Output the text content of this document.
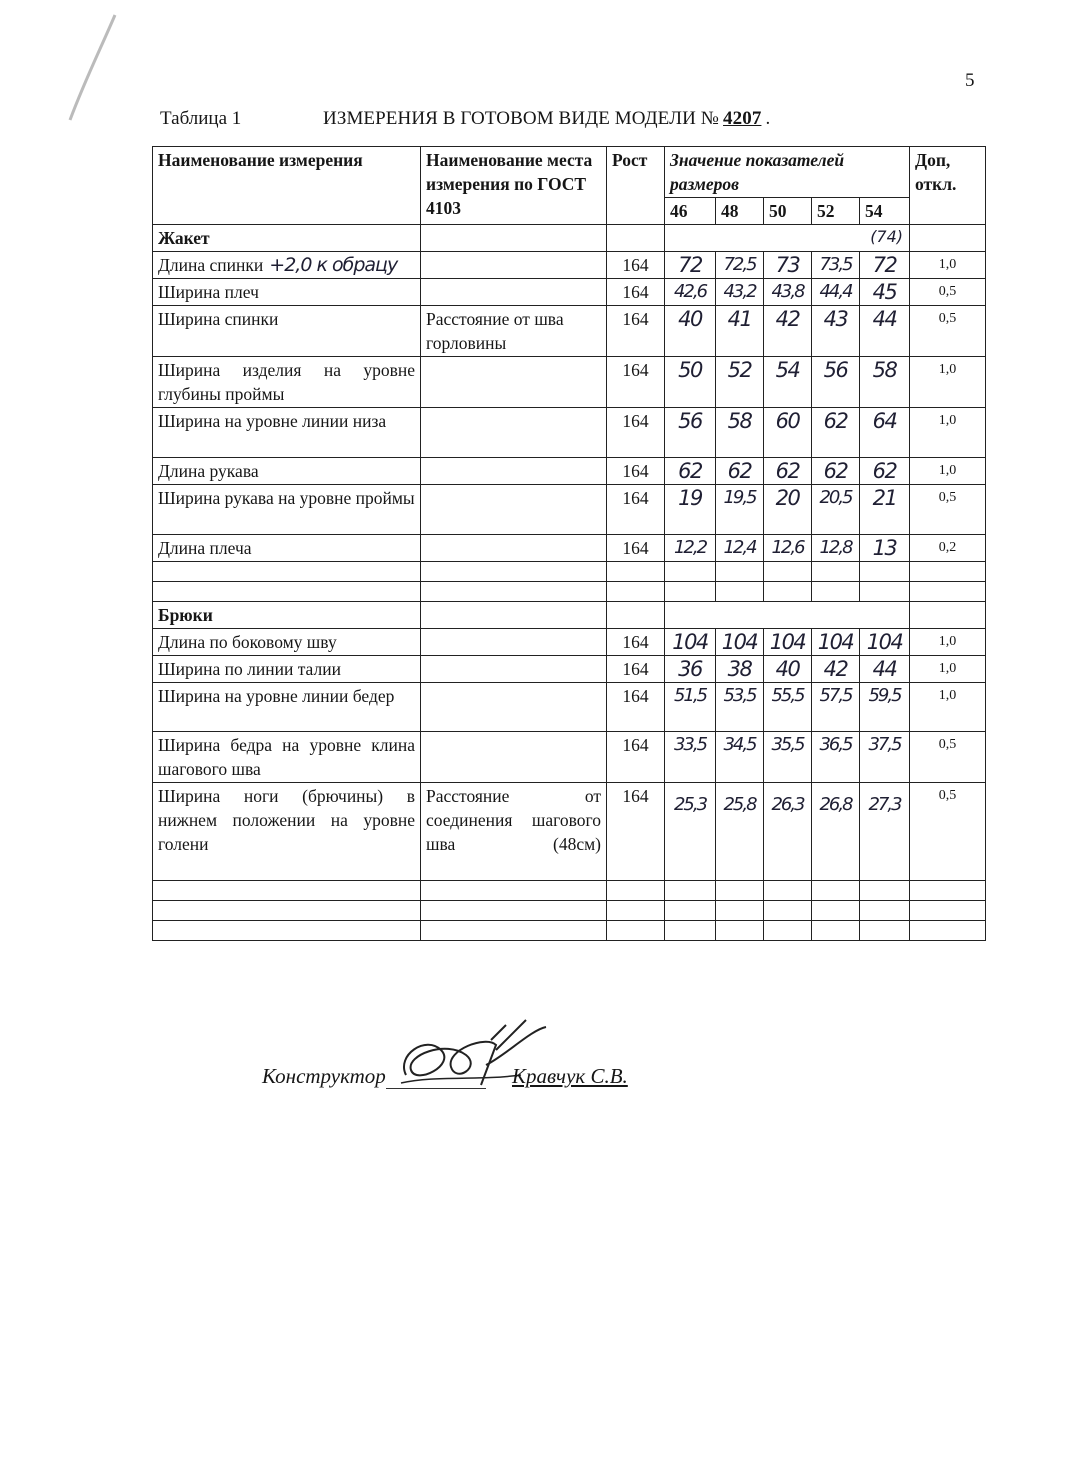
5
Таблица 1	ИЗМЕРЕНИЯ В ГОТОВОМ ВИДЕ МОДЕЛИ № 4207 .
Наименование измерения	Наименование места измерения по ГОСТ 4103	Рост	Значение показателей размеров					Доп, откл.
			46	48	50	52	54	
Жакет			(74)					
Длина спинки +2,0 к обрацу		164	72	72,5	73	73,5	72	1,0
Ширина плеч		164	42,6	43,2	43,8	44,4	45	0,5
Ширина спинки	Расстояние от шва горловины	164	40	41	42	43	44	0,5
Ширина изделия на уровне глубины проймы		164	50	52	54	56	58	1,0
Ширина на уровне линии низа		164	56	58	60	62	64	1,0
Длина рукава		164	62	62	62	62	62	1,0
Ширина рукава на уровне проймы		164	19	19,5	20	20,5	21	0,5
Длина плеча		164	12,2	12,4	12,6	12,8	13	0,2

Брюки								
Длина по боковому шву		164	104	104	104	104	104	1,0
Ширина по линии талии		164	36	38	40	42	44	1,0
Ширина на уровне линии бедер		164	51,5	53,5	55,5	57,5	59,5	1,0
Ширина бедра на уровне клина шагового шва		164	33,5	34,5	35,5	36,5	37,5	0,5
Ширина ноги (брючины) в нижнем положении на уровне голени	Расстояние от соединения шагового шва (48см)	164	25,3	25,8	26,3	26,8	27,3	0,5

Конструктор	Кравчук С.В.
